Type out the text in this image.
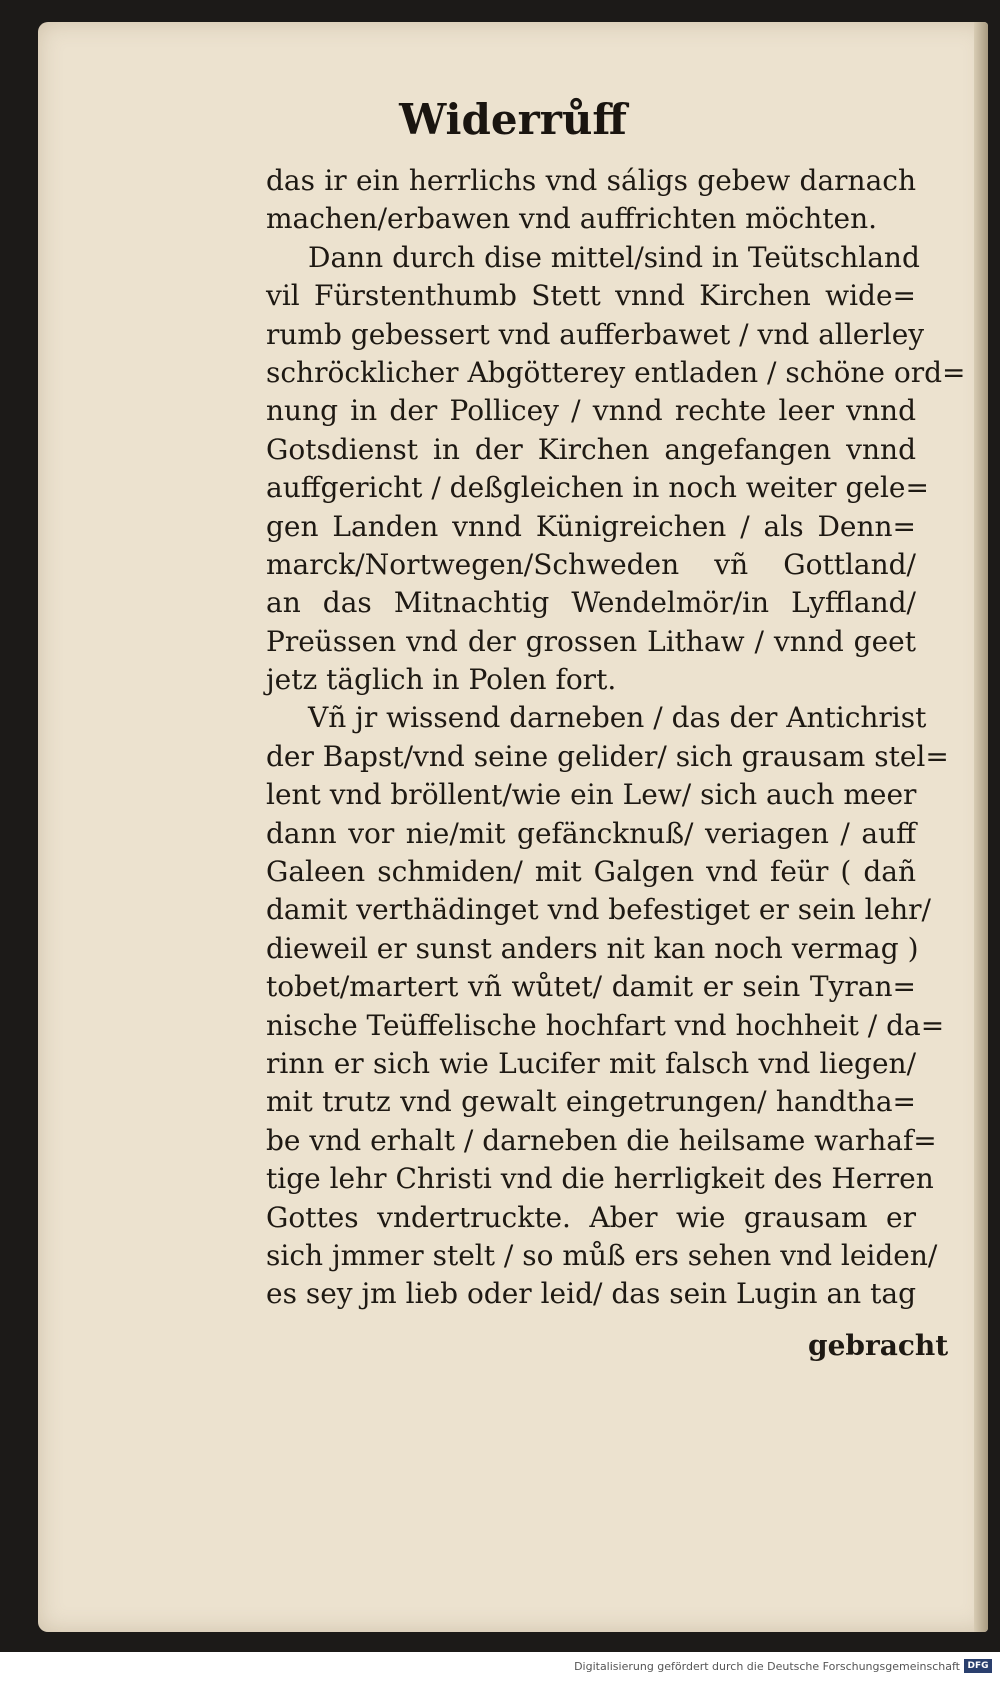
Widerrůff
das ir ein herrlichs vnd sáligs gebew darnach
machen/erbawen vnd auffrichten möchten.
Dann durch dise mittel/sind in Teütschland
vil Fürstenthumb Stett vnnd Kirchen wide=
rumb gebessert vnd aufferbawet / vnd allerley
schröcklicher Abgötterey entladen / schöne ord=
nung in der Pollicey / vnnd rechte leer vnnd
Gotsdienst in der Kirchen angefangen vnnd
auffgericht / deßgleichen in noch weiter gele=
gen Landen vnnd Künigreichen / als Denn=
marck/Nortwegen/Schweden vñ Gottland/
an das Mitnachtig Wendelmör/in Lyffland/
Preüssen vnd der grossen Lithaw / vnnd geet
jetz täglich in Polen fort.
Vñ jr wissend darneben / das der Antichrist
der Bapst/vnd seine gelider/ sich grausam stel=
lent vnd bröllent/wie ein Lew/ sich auch meer
dann vor nie/mit gefäncknuß/ veriagen / auff
Galeen schmiden/ mit Galgen vnd feür ( dañ
damit verthädinget vnd befestiget er sein lehr/
dieweil er sunst anders nit kan noch vermag )
tobet/martert vñ wůtet/ damit er sein Tyran=
nische Teüffelische hochfart vnd hochheit / da=
rinn er sich wie Lucifer mit falsch vnd liegen/
mit trutz vnd gewalt eingetrungen/ handtha=
be vnd erhalt / darneben die heilsame warhaf=
tige lehr Christi vnd die herrligkeit des Herren
Gottes vndertruckte. Aber wie grausam er
sich jmmer stelt / so můß ers sehen vnd leiden/
es sey jm lieb oder leid/ das sein Lugin an tag
gebracht
Digitalisierung gefördert durch die Deutsche Forschungsgemeinschaft DFG
